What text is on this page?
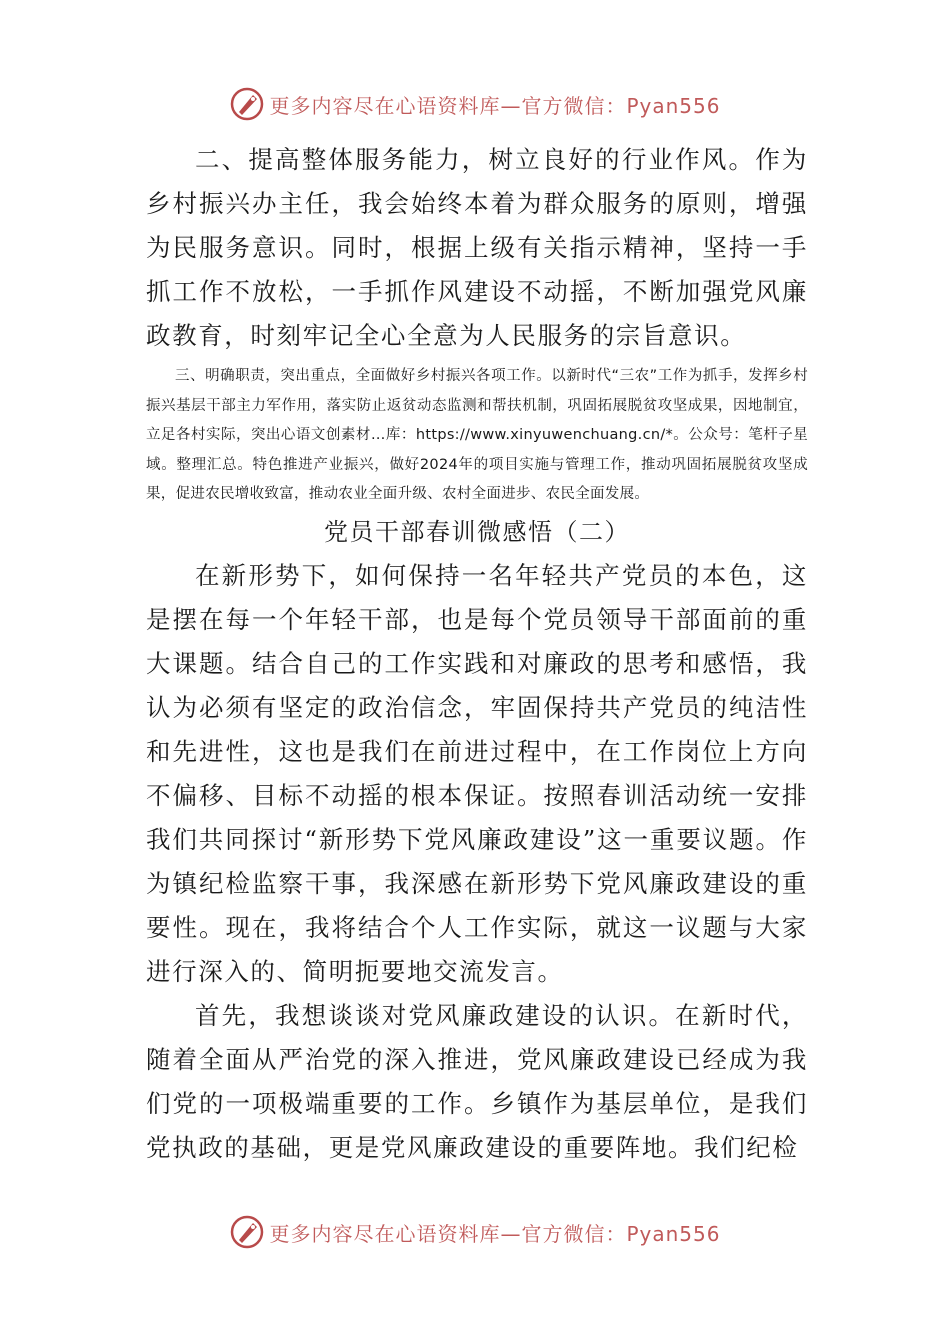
更多内容尽在心语资料库—官方微信：Pyan556

二、提高整体服务能力，树立良好的行业作风。作为乡村振兴办主任，我会始终本着为群众服务的原则，增强为民服务意识。同时，根据上级有关指示精神，坚持一手抓工作不放松，一手抓作风建设不动摇，不断加强党风廉政教育，时刻牢记全心全意为人民服务的宗旨意识。

三、明确职责，突出重点，全面做好乡村振兴各项工作。以新时代“三农”工作为抓手，发挥乡村振兴基层干部主力军作用，落实防止返贫动态监测和帮扶机制，巩固拓展脱贫攻坚成果，因地制宜，立足各村实际，突出心语文创素材…库：https://www.xinyuwenchuang.cn/*。公众号：笔杆子星域。整理汇总。特色推进产业振兴，做好2024年的项目实施与管理工作，推动巩固拓展脱贫攻坚成果，促进农民增收致富，推动农业全面升级、农村全面进步、农民全面发展。

党员干部春训微感悟（二）

在新形势下，如何保持一名年轻共产党员的本色，这是摆在每一个年轻干部，也是每个党员领导干部面前的重大课题。结合自己的工作实践和对廉政的思考和感悟，我认为必须有坚定的政治信念，牢固保持共产党员的纯洁性和先进性，这也是我们在前进过程中，在工作岗位上方向不偏移、目标不动摇的根本保证。按照春训活动统一安排我们共同探讨“新形势下党风廉政建设”这一重要议题。作为镇纪检监察干事，我深感在新形势下党风廉政建设的重要性。现在，我将结合个人工作实际，就这一议题与大家进行深入的、简明扼要地交流发言。

首先，我想谈谈对党风廉政建设的认识。在新时代，随着全面从严治党的深入推进，党风廉政建设已经成为我们党的一项极端重要的工作。乡镇作为基层单位，是我们党执政的基础，更是党风廉政建设的重要阵地。我们纪检

更多内容尽在心语资料库—官方微信：Pyan556
